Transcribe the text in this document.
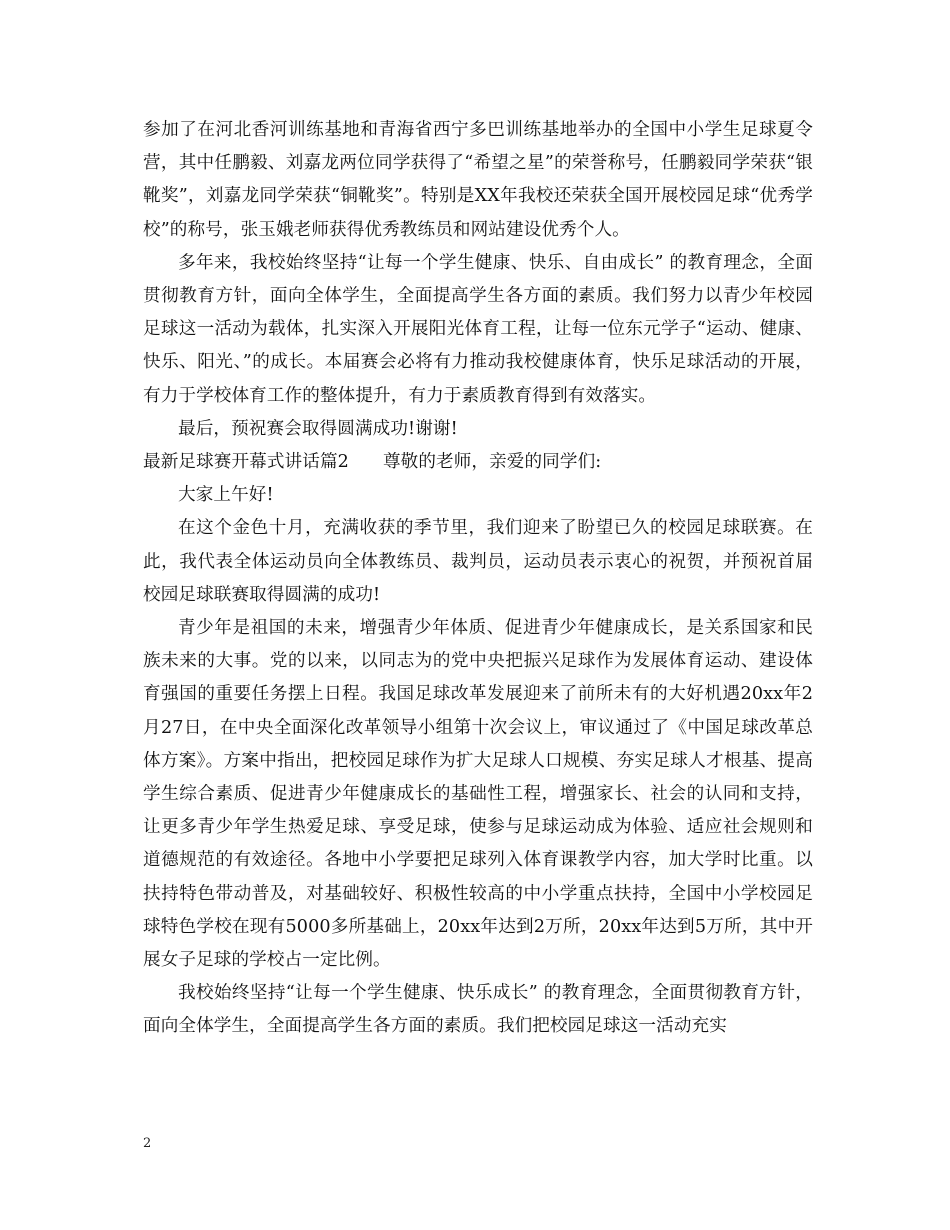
参加了在河北香河训练基地和青海省西宁多巴训练基地举办的全国中小学生足球夏令营，其中任鹏毅、刘嘉龙两位同学获得了“希望之星”的荣誉称号，任鹏毅同学荣获“银靴奖”，刘嘉龙同学荣获“铜靴奖”。特别是XX年我校还荣获全国开展校园足球“优秀学校”的称号，张玉娥老师获得优秀教练员和网站建设优秀个人。

多年来，我校始终坚持“让每一个学生健康、快乐、自由成长” 的教育理念，全面贯彻教育方针，面向全体学生，全面提高学生各方面的素质。我们努力以青少年校园足球这一活动为载体，扎实深入开展阳光体育工程，让每一位东元学子“运动、健康、快乐、阳光、”的成长。本届赛会必将有力推动我校健康体育，快乐足球活动的开展，有力于学校体育工作的整体提升，有力于素质教育得到有效落实。

最后，预祝赛会取得圆满成功!谢谢!

最新足球赛开幕式讲话篇2 尊敬的老师，亲爱的同学们:

大家上午好!

在这个金色十月，充满收获的季节里，我们迎来了盼望已久的校园足球联赛。在此，我代表全体运动员向全体教练员、裁判员，运动员表示衷心的祝贺，并预祝首届校园足球联赛取得圆满的成功!

青少年是祖国的未来，增强青少年体质、促进青少年健康成长，是关系国家和民族未来的大事。党的以来，以同志为的党中央把振兴足球作为发展体育运动、建设体育强国的重要任务摆上日程。我国足球改革发展迎来了前所未有的大好机遇20xx年2月27日，在中央全面深化改革领导小组第十次会议上，审议通过了《中国足球改革总体方案》。方案中指出，把校园足球作为扩大足球人口规模、夯实足球人才根基、提高学生综合素质、促进青少年健康成长的基础性工程，增强家长、社会的认同和支持，让更多青少年学生热爱足球、享受足球，使参与足球运动成为体验、适应社会规则和道德规范的有效途径。各地中小学要把足球列入体育课教学内容，加大学时比重。以扶持特色带动普及，对基础较好、积极性较高的中小学重点扶持，全国中小学校园足球特色学校在现有5000多所基础上，20xx年达到2万所，20xx年达到5万所，其中开展女子足球的学校占一定比例。

我校始终坚持“让每一个学生健康、快乐成长” 的教育理念，全面贯彻教育方针，面向全体学生，全面提高学生各方面的素质。我们把校园足球这一活动充实

2
